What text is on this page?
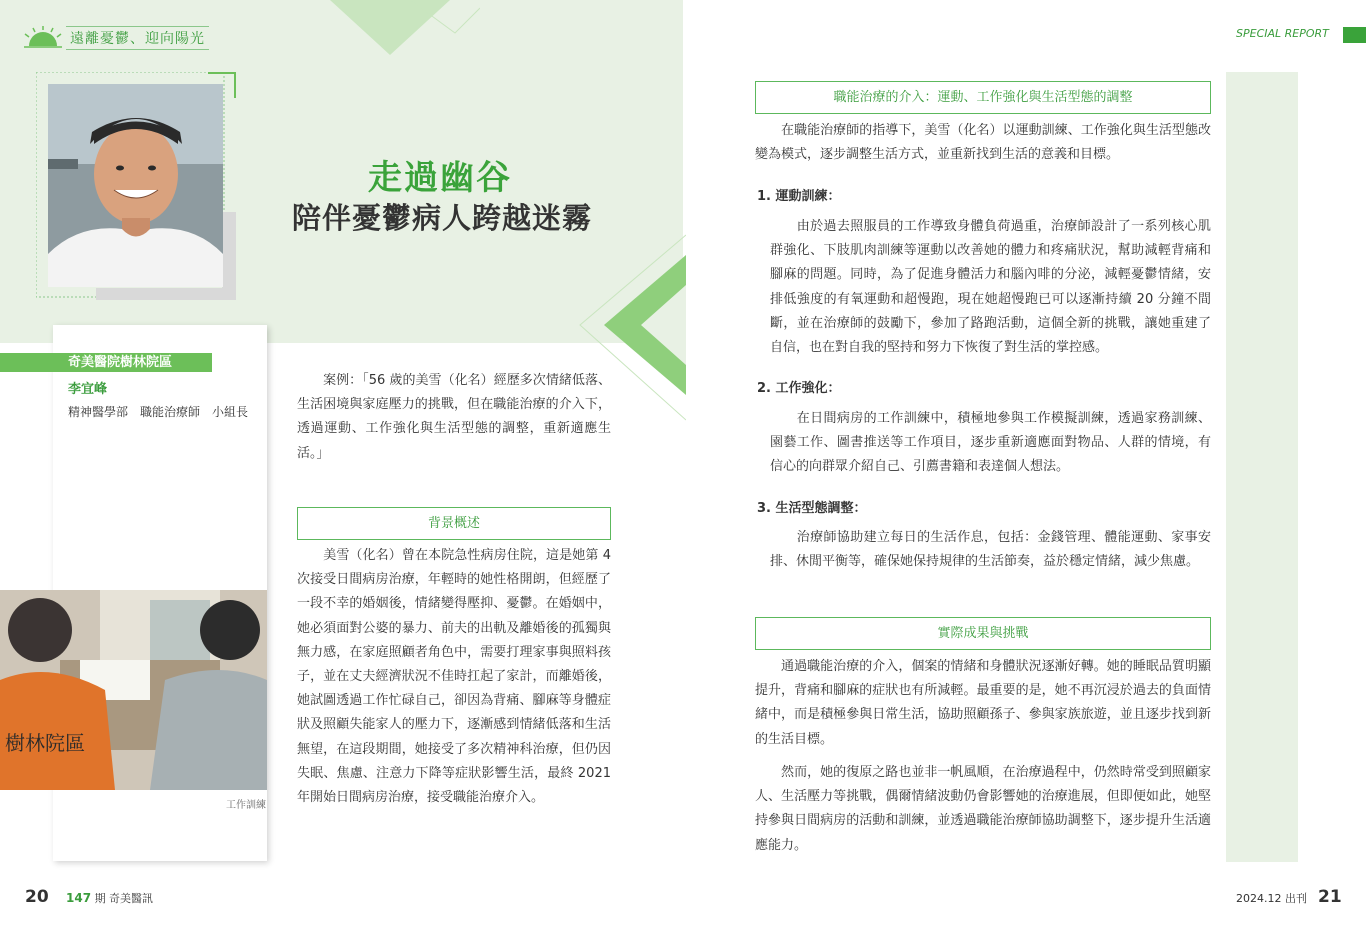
遠離憂鬱、迎向陽光
走過幽谷
陪伴憂鬱病人跨越迷霧
奇美醫院樹林院區
李宜峰
精神醫學部　職能治療師　小組長
樹林院區
工作訓練

　　案例：「56 歲的美雪（化名）經歷多次情緒低落、生活困境與家庭壓力的挑戰，但在職能治療的介入下，透過運動、工作強化與生活型態的調整，重新適應生活。」

背景概述

　　美雪（化名）曾在本院急性病房住院，這是她第 4 次接受日間病房治療，年輕時的她性格開朗，但經歷了一段不幸的婚姻後，情緒變得壓抑、憂鬱。在婚姻中，她必須面對公婆的暴力、前夫的出軌及離婚後的孤獨與無力感，在家庭照顧者角色中，需要打理家事與照料孩子，並在丈夫經濟狀況不佳時扛起了家計，而離婚後，她試圖透過工作忙碌自己，卻因為背痛、腳麻等身體症狀及照顧失能家人的壓力下，逐漸感到情緒低落和生活無望，在這段期間，她接受了多次精神科治療，但仍因失眠、焦慮、注意力下降等症狀影響生活，最終 2021 年開始日間病房治療，接受職能治療介入。

20 147 期 奇美醫訊
SPECIAL REPORT
職能治療的介入：運動、工作強化與生活型態的調整

　　在職能治療師的指導下，美雪（化名）以運動訓練、工作強化與生活型態改變為模式，逐步調整生活方式，並重新找到生活的意義和目標。

1. 運動訓練：

　　由於過去照服員的工作導致身體負荷過重，治療師設計了一系列核心肌群強化、下肢肌肉訓練等運動以改善她的體力和疼痛狀況，幫助減輕背痛和腳麻的問題。同時，為了促進身體活力和腦內啡的分泌，減輕憂鬱情緒，安排低強度的有氧運動和超慢跑，現在她超慢跑已可以逐漸持續 20 分鐘不間斷，並在治療師的鼓勵下，參加了路跑活動，這個全新的挑戰，讓她重建了自信，也在對自我的堅持和努力下恢復了對生活的掌控感。

2. 工作強化：

　　在日間病房的工作訓練中，積極地參與工作模擬訓練，透過家務訓練、園藝工作、圖書推送等工作項目，逐步重新適應面對物品、人群的情境，有信心的向群眾介紹自己、引薦書籍和表達個人想法。

3. 生活型態調整：

　　治療師協助建立每日的生活作息，包括：金錢管理、體能運動、家事安排、休閒平衡等，確保她保持規律的生活節奏，益於穩定情緒，減少焦慮。

實際成果與挑戰

　　通過職能治療的介入，個案的情緒和身體狀況逐漸好轉。她的睡眠品質明顯提升，背痛和腳麻的症狀也有所減輕。最重要的是，她不再沉浸於過去的負面情緒中，而是積極參與日常生活，協助照顧孫子、參與家族旅遊，並且逐步找到新的生活目標。

　　然而，她的復原之路也並非一帆風順，在治療過程中，仍然時常受到照顧家人、生活壓力等挑戰，偶爾情緒波動仍會影響她的治療進展，但即便如此，她堅持參與日間病房的活動和訓練，並透過職能治療師協助調整下，逐步提升生活適應能力。

2024.12 出刊 21
